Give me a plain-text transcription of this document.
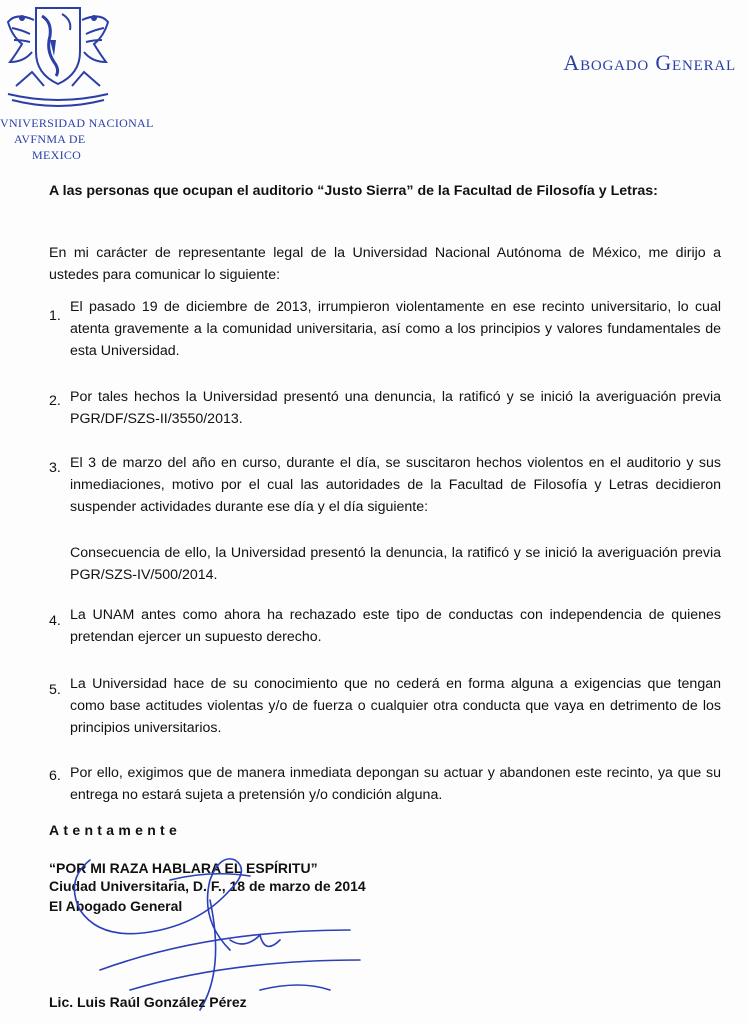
VNIVERSIDAD NACIONAL
AVFNMA DE
MEXICO
Abogado General
A las personas que ocupan el auditorio “Justo Sierra” de la Facultad de Filosofía y Letras:
En mi carácter de representante legal de la Universidad Nacional Autónoma de México, me dirijo a ustedes para comunicar lo siguiente:
1.
El pasado 19 de diciembre de 2013, irrumpieron violentamente en ese recinto universitario, lo cual atenta gravemente a la comunidad universitaria, así como a los principios y valores fundamentales de esta Universidad.
2. Por tales hechos la Universidad presentó una denuncia, la ratificó y se inició la averiguación previa PGR/DF/SZS-II/3550/2013.
3. El 3 de marzo del año en curso, durante el día, se suscitaron hechos violentos en el auditorio y sus inmediaciones, motivo por el cual las autoridades de la Facultad de Filosofía y Letras decidieron suspender actividades durante ese día y el día siguiente:
Consecuencia de ello, la Universidad presentó la denuncia, la ratificó y se inició la averiguación previa PGR/SZS-IV/500/2014.
4. La UNAM antes como ahora ha rechazado este tipo de conductas con independencia de quienes pretendan ejercer un supuesto derecho.
5. La Universidad hace de su conocimiento que no cederá en forma alguna a exigencias que tengan como base actitudes violentas y/o de fuerza o cualquier otra conducta que vaya en detrimento de los principios universitarios.
6. Por ello, exigimos que de manera inmediata depongan su actuar y abandonen este recinto, ya que su entrega no estará sujeta a pretensión y/o condición alguna.
Atentamente
“POR MI RAZA HABLARA EL ESPÍRITU”
Ciudad Universitaria, D. F., 18 de marzo de 2014
El Abogado General
Lic. Luis Raúl González Pérez
